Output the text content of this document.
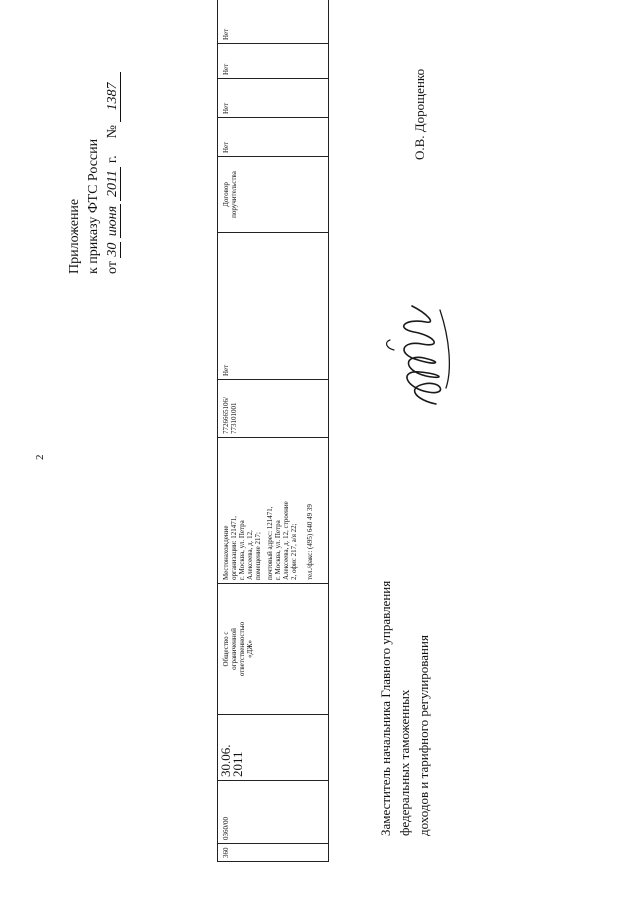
2
Приложение к приказу ФТС России от 30 июня 2011 г.  № 1387
360
0360/00
30.06.
2011
Общество с
ограниченной
ответственностью
«ДЖ»
Местонахождение
организации: 121471,
г. Москва, ул. Петра
Алексеева, д. 12,
помещение 217;
почтовый адрес: 121471,
г. Москва, ул. Петра
Алексеева, д. 12, строение
2, офис 217, а/я 22; тел./факс: (495) 640 49 39
7726665106/
773101001
Нет
Договор
поручительства
Нет
Нет
Нет
Нет
Заместитель начальника Главного управления федеральных таможенных доходов и тарифного регулирования
О.В. Дорощенко
